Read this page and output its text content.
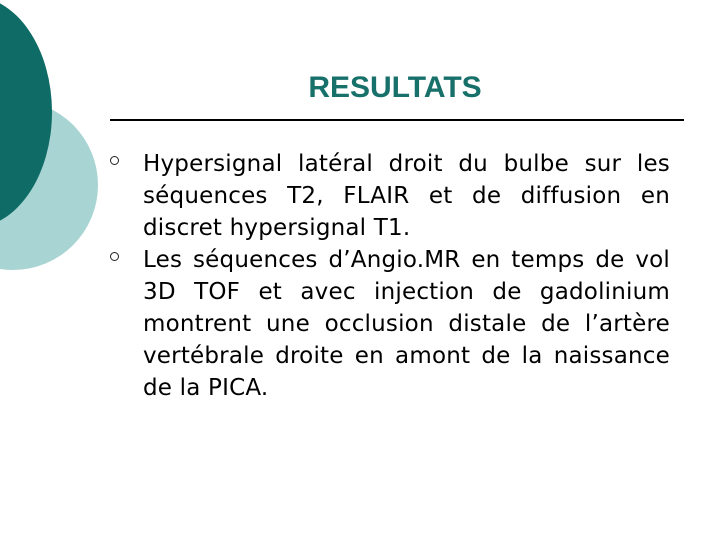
RESULTATS
Hypersignal latéral droit du bulbe sur les séquences T2, FLAIR et de diffusion en discret hypersignal T1.
Les séquences d’Angio.MR en temps de vol 3D TOF et avec injection de gadolinium montrent une occlusion distale de l’artère vertébrale droite en amont de la naissance de la PICA.
